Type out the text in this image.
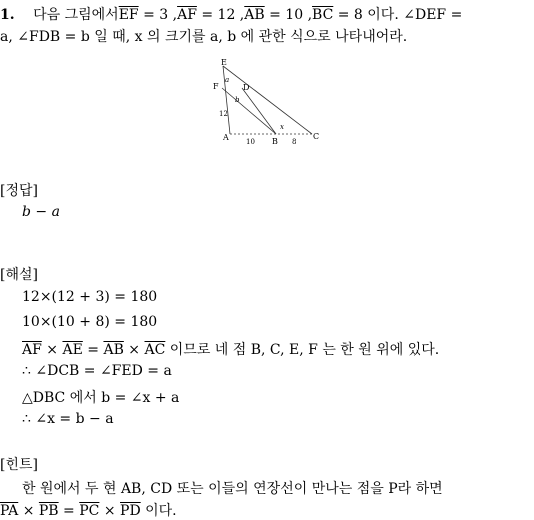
1. 다음 그림에서$\overline{EF} = 3$ $,\overline{AF} = 12$ $,\overline{AB} = 10$ $,\overline{BC} = 8$ 이다. ∠DEF =
a, ∠FDB = b 일 때, x 의 크기를 a, b 에 관한 식으로 나타내어라.
E
F	D
A	B
C
a
b
x
12
10	8
[정답]
b − a
[해설]
12×(12 + 3) = 180
10×(10 + 8) = 180
$\overline{AF} \times \overline{AE} = \overline{AB} \times \overline{AC}$ 이므로 네 점 B, C, E, F 는 한 원 위에 있다.
∴ ∠DCB = ∠FED = a
△DBC 에서 b = ∠x + a
∴ ∠x = b − a
[힌트]
한 원에서 두 현 AB, CD 또는 이들의 연장선이 만나는 점을 P라 하면
$\overline{PA} \times \overline{PB} = \overline{PC} \times \overline{PD}$ 이다.
